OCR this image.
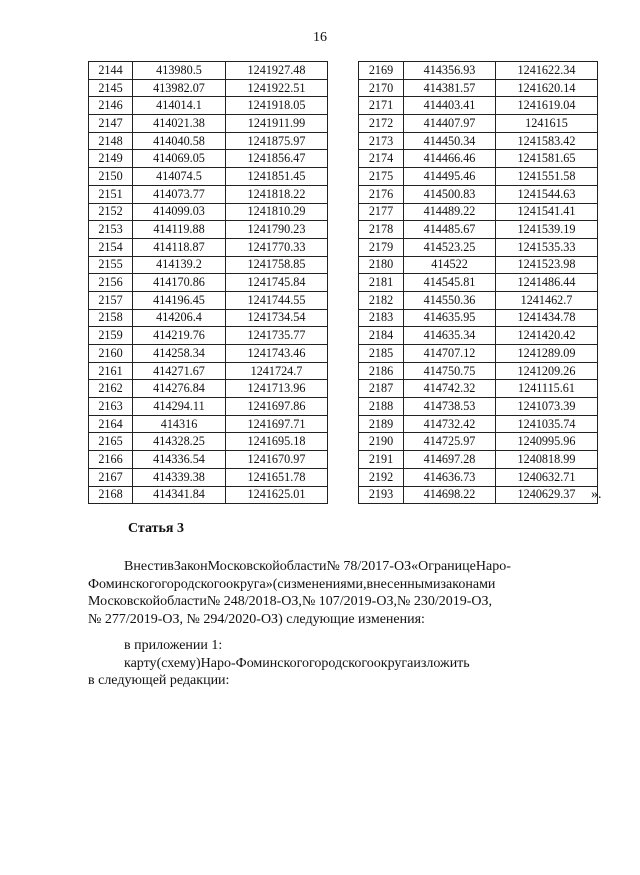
16
2144	413980.5	1241927.48
2145	413982.07	1241922.51
2146	414014.1	1241918.05
2147	414021.38	1241911.99
2148	414040.58	1241875.97
2149	414069.05	1241856.47
2150	414074.5	1241851.45
2151	414073.77	1241818.22
2152	414099.03	1241810.29
2153	414119.88	1241790.23
2154	414118.87	1241770.33
2155	414139.2	1241758.85
2156	414170.86	1241745.84
2157	414196.45	1241744.55
2158	414206.4	1241734.54
2159	414219.76	1241735.77
2160	414258.34	1241743.46
2161	414271.67	1241724.7
2162	414276.84	1241713.96
2163	414294.11	1241697.86
2164	414316	1241697.71
2165	414328.25	1241695.18
2166	414336.54	1241670.97
2167	414339.38	1241651.78
2168	414341.84	1241625.01
2169	414356.93	1241622.34
2170	414381.57	1241620.14
2171	414403.41	1241619.04
2172	414407.97	1241615
2173	414450.34	1241583.42
2174	414466.46	1241581.65
2175	414495.46	1241551.58
2176	414500.83	1241544.63
2177	414489.22	1241541.41
2178	414485.67	1241539.19
2179	414523.25	1241535.33
2180	414522	1241523.98
2181	414545.81	1241486.44
2182	414550.36	1241462.7
2183	414635.95	1241434.78
2184	414635.34	1241420.42
2185	414707.12	1241289.09
2186	414750.75	1241209.26
2187	414742.32	1241115.61
2188	414738.53	1241073.39
2189	414732.42	1241035.74
2190	414725.97	1240995.96
2191	414697.28	1240818.99
2192	414636.73	1240632.71
2193	414698.22	1240629.37 ».
Статья 3
ВнестивЗаконМосковскойобласти№ 78/2017-ОЗ«ОграницеНаро-
Фоминскогогородскогоокруга»(сизменениями,внесеннымизаконами
Московскойобласти№ 248/2018-ОЗ,№ 107/2019-ОЗ,№ 230/2019-ОЗ,
№ 277/2019-ОЗ, № 294/2020-ОЗ) следующие изменения:
в приложении 1:
карту(схему)Наро-Фоминскогогородскогоокругаизложить
в следующей редакции:
